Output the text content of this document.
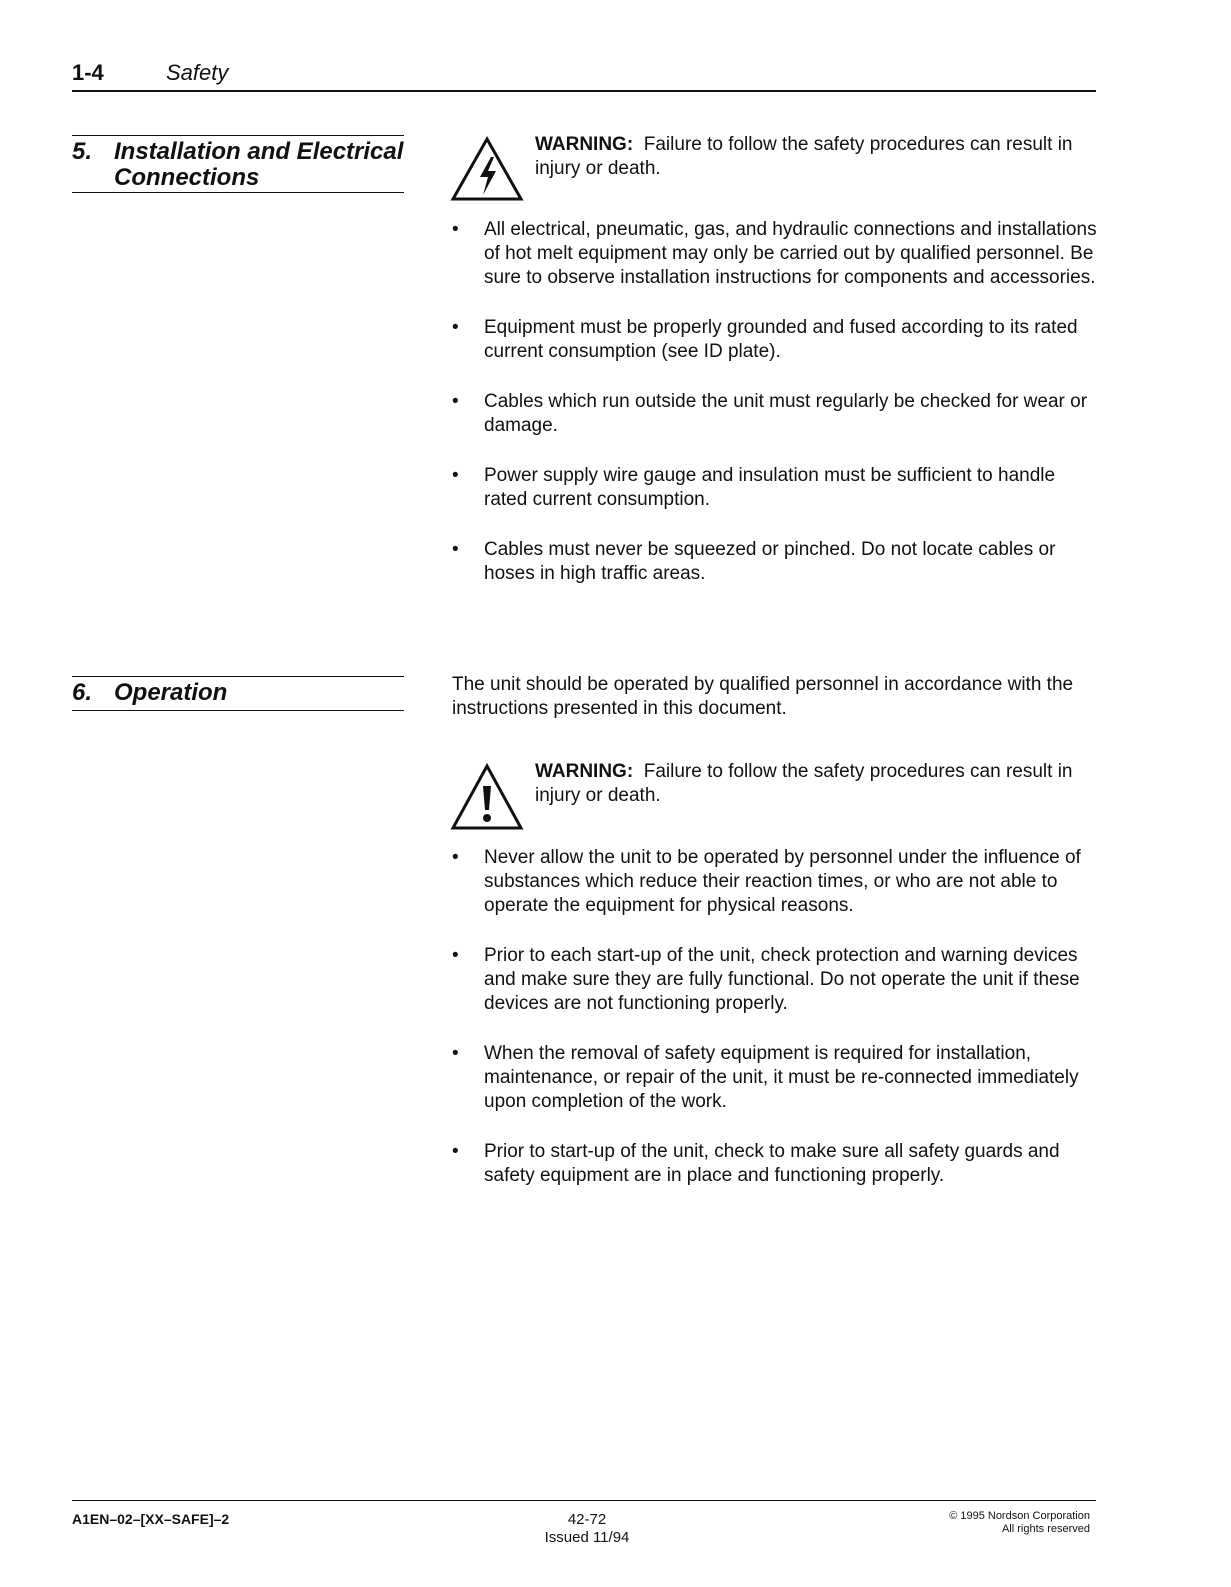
1-4	Safety
5. Installation and Electrical
Connections
WARNING: Failure to follow the safety procedures can result in injury or death.
• All electrical, pneumatic, gas, and hydraulic connections and installations of hot melt equipment may only be carried out by qualified personnel. Be sure to observe installation instructions for components and accessories.
• Equipment must be properly grounded and fused according to its rated current consumption (see ID plate).
• Cables which run outside the unit must regularly be checked for wear or damage.
• Power supply wire gauge and insulation must be sufficient to handle rated current consumption.
• Cables must never be squeezed or pinched. Do not locate cables or hoses in high traffic areas.
6. Operation	The unit should be operated by qualified personnel in accordance with the instructions presented in this document.

WARNING: Failure to follow the safety procedures can result in injury or death.
• Never allow the unit to be operated by personnel under the influence of substances which reduce their reaction times, or who are not able to operate the equipment for physical reasons.
• Prior to each start-up of the unit, check protection and warning devices and make sure they are fully functional. Do not operate the unit if these devices are not functioning properly.
• When the removal of safety equipment is required for installation, maintenance, or repair of the unit, it must be re-connected immediately upon completion of the work.
• Prior to start-up of the unit, check to make sure all safety guards and safety equipment are in place and functioning properly.
A1EN–02–[XX–SAFE]–2	42-72
Issued 11/94
© 1995 Nordson Corporation
All rights reserved
